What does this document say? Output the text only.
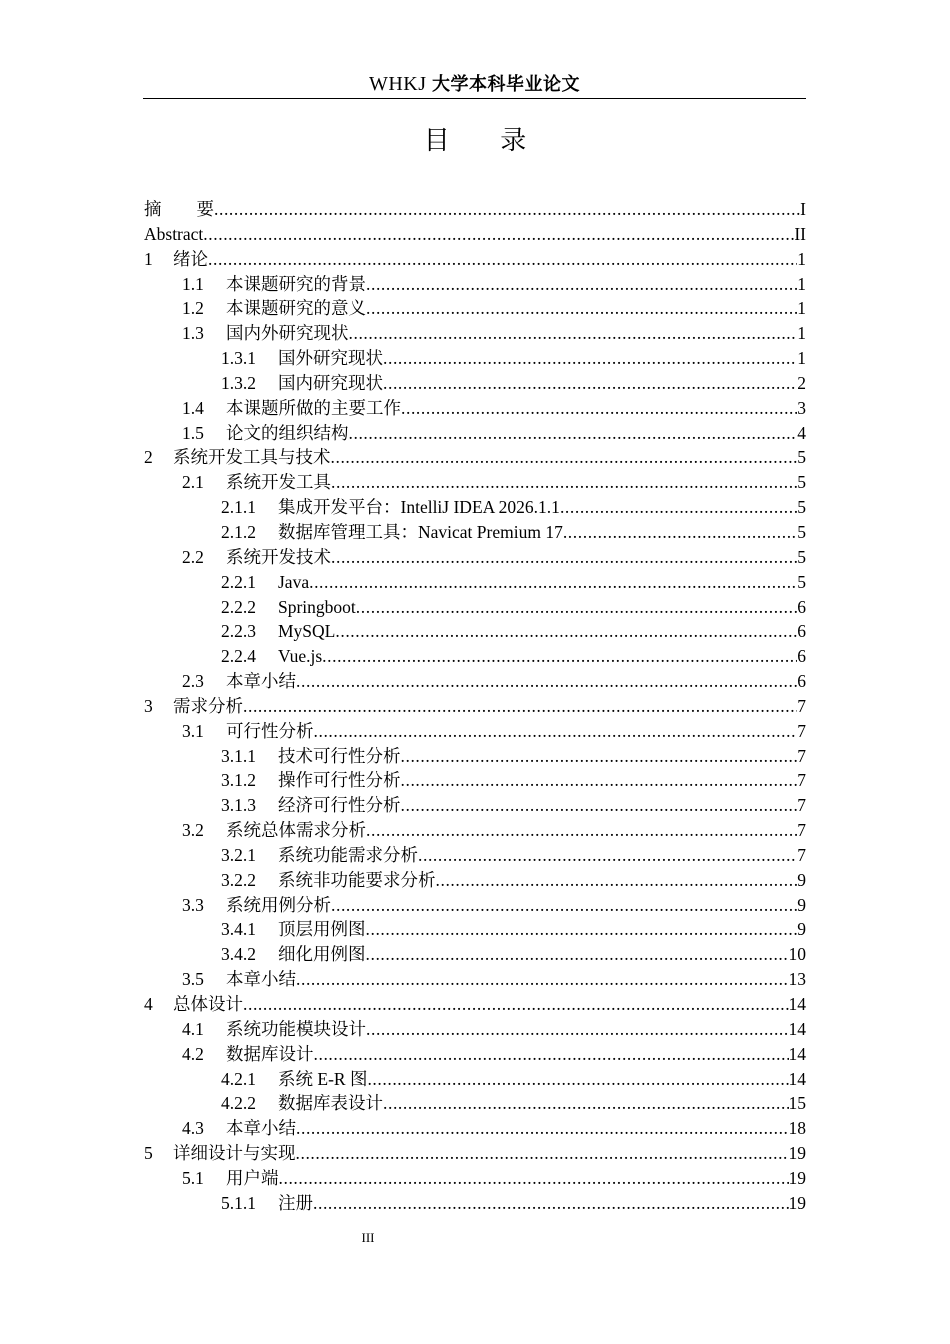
WHKJ 大学本科毕业论文
目 录
摘　　要 .....	I
Abstract .....	II
1	绪论 .....	1
1.1	本课题研究的背景 .....	1
1.2	本课题研究的意义 .....	1
1.3	国内外研究现状 .....	1
1.3.1	国外研究现状 .....	1
1.3.2	国内研究现状 .....	2
1.4	本课题所做的主要工作 .....	3
1.5	论文的组织结构 .....	4
2	系统开发工具与技术 .....	5
2.1	系统开发工具 .....	5
2.1.1	集成开发平台：IntelliJ IDEA 2026.1.1 .....	5
2.1.2	数据库管理工具：Navicat Premium 17 .....	5
2.2	系统开发技术 .....	5
2.2.1	Java .....	5
2.2.2	Springboot .....	6
2.2.3	MySQL .....	6
2.2.4	Vue.js .....	6
2.3	本章小结 .....	6
3	需求分析 .....	7
3.1	可行性分析 .....	7
3.1.1	技术可行性分析 .....	7
3.1.2	操作可行性分析 .....	7
3.1.3	经济可行性分析 .....	7
3.2	系统总体需求分析 .....	7
3.2.1	系统功能需求分析 .....	7
3.2.2	系统非功能要求分析 .....	9
3.3	系统用例分析 .....	9
3.4.1	顶层用例图 .....	9
3.4.2	细化用例图 .....	10
3.5	本章小结 .....	13
4	总体设计 .....	14
4.1	系统功能模块设计 .....	14
4.2	数据库设计 .....	14
4.2.1	系统 E-R 图 .....	14
4.2.2	数据库表设计 .....	15
4.3	本章小结 .....	18
5	详细设计与实现 .....	19
5.1	用户端 .....	19
5.1.1	注册 .....	19
III
